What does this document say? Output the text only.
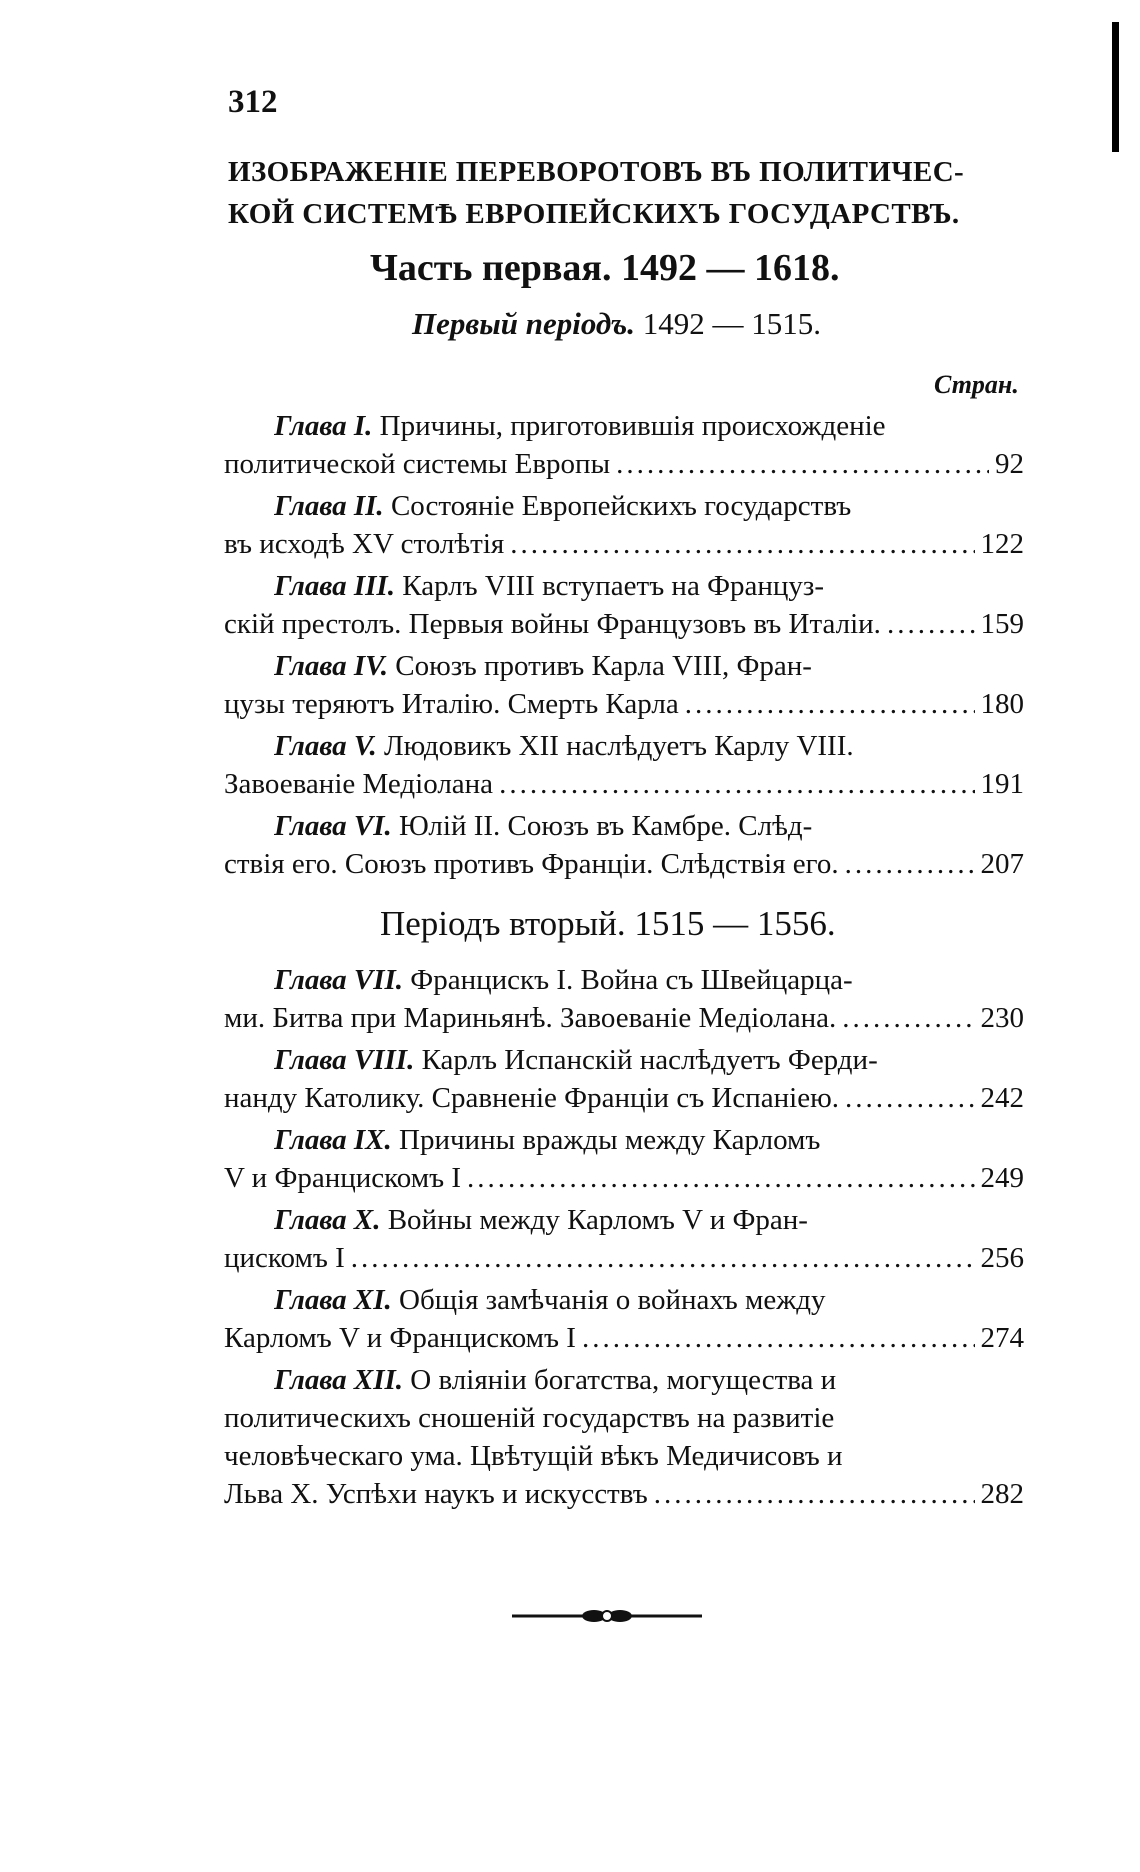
312
ИЗОБРАЖЕНІЕ ПЕРЕВОРОТОВЪ ВЪ ПОЛИТИЧЕС-
КОЙ СИСТЕМѢ ЕВРОПЕЙСКИХЪ ГОСУДАРСТВЪ.
Часть первая. 1492 — 1618.
Первый періодъ. 1492 — 1515.
Стран.
Глава I. Причины, приготовившія происхожденіе
политической системы Европы .....	92
Глава II. Состояніе Европейскихъ государствъ
въ исходѣ XV столѣтія .....	122
Глава III. Карлъ VIII вступаетъ на Француз-
скій престолъ. Первыя войны Французовъ въ Италіи. .....	159
Глава IV. Союзъ противъ Карла VIII, Фран-
цузы теряютъ Италію. Смерть Карла .....	180
Глава V. Людовикъ XII наслѣдуетъ Карлу VIII.
Завоеваніе Медіолана .....	191
Глава VI. Юлій II. Союзъ въ Камбре. Слѣд-
ствія его. Союзъ противъ Франціи. Слѣдствія его. .....	207
Періодъ вторый. 1515 — 1556.
Глава VII. Францискъ I. Война съ Швейцарца-
ми. Битва при Мариньянѣ. Завоеваніе Медіолана. .....	230
Глава VIII. Карлъ Испанскій наслѣдуетъ Ферди-
нанду Католику. Сравненіе Франціи съ Испаніею. .....	242
Глава IX. Причины вражды между Карломъ
V и Францискомъ I .....	249
Глава X. Войны между Карломъ V и Фран-
цискомъ I .....	256
Глава XI. Общія замѣчанія о войнахъ между
Карломъ V и Францискомъ I .....	274
Глава XII. О вліяніи богатства, могущества и
политическихъ сношеній государствъ на развитіе
человѣческаго ума. Цвѣтущій вѣкъ Медичисовъ и
Льва X. Успѣхи наукъ и искусствъ .....	282
